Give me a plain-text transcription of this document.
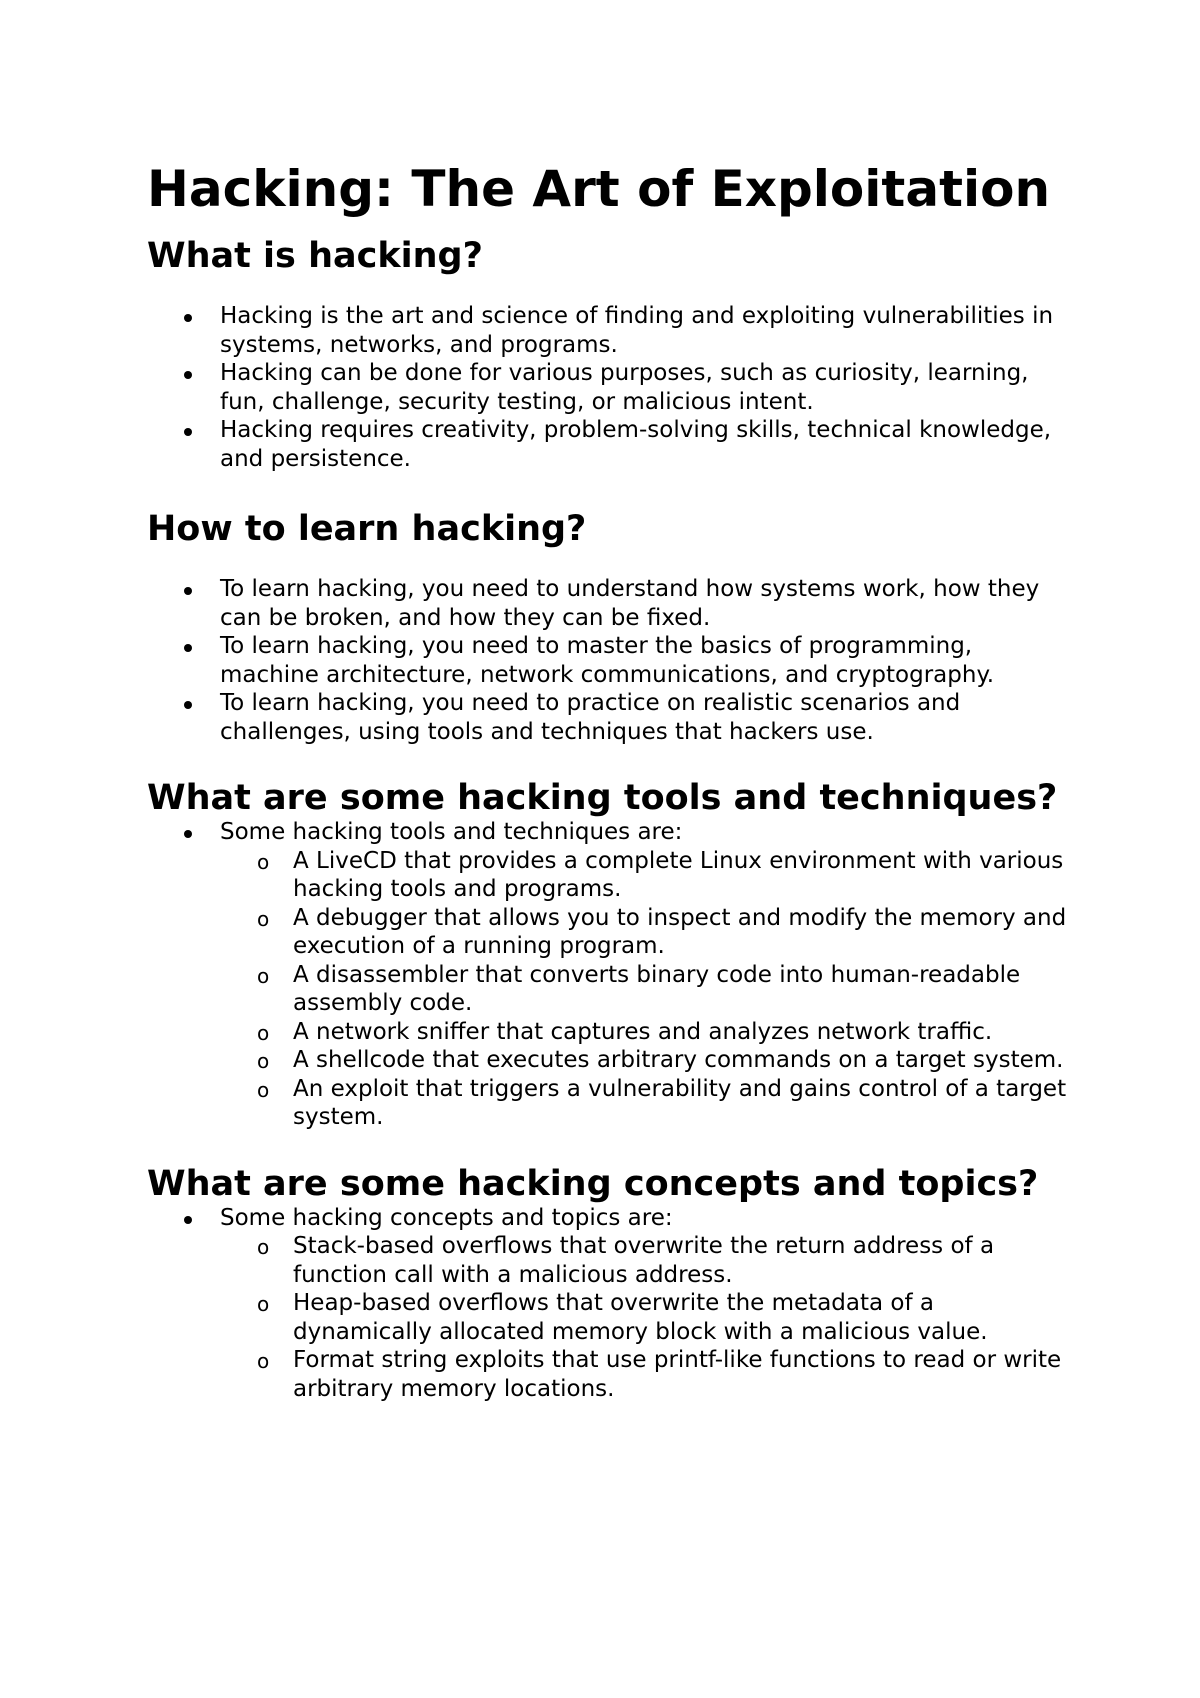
Hacking: The Art of Exploitation
What is hacking?
Hacking is the art and science of finding and exploiting vulnerabilities in systems, networks, and programs.
Hacking can be done for various purposes, such as curiosity, learning, fun, challenge, security testing, or malicious intent.
Hacking requires creativity, problem-solving skills, technical knowledge, and persistence.
How to learn hacking?
To learn hacking, you need to understand how systems work, how they can be broken, and how they can be fixed.
To learn hacking, you need to master the basics of programming, machine architecture, network communications, and cryptography.
To learn hacking, you need to practice on realistic scenarios and challenges, using tools and techniques that hackers use.
What are some hacking tools and techniques?
Some hacking tools and techniques are:
o A LiveCD that provides a complete Linux environment with various hacking tools and programs.
o A debugger that allows you to inspect and modify the memory and execution of a running program.
o A disassembler that converts binary code into human-readable assembly code.
o A network sniffer that captures and analyzes network traffic.
o A shellcode that executes arbitrary commands on a target system.
o An exploit that triggers a vulnerability and gains control of a target system.
What are some hacking concepts and topics?
Some hacking concepts and topics are:
o Stack-based overflows that overwrite the return address of a function call with a malicious address.
o Heap-based overflows that overwrite the metadata of a dynamically allocated memory block with a malicious value.
o Format string exploits that use printf-like functions to read or write arbitrary memory locations.
